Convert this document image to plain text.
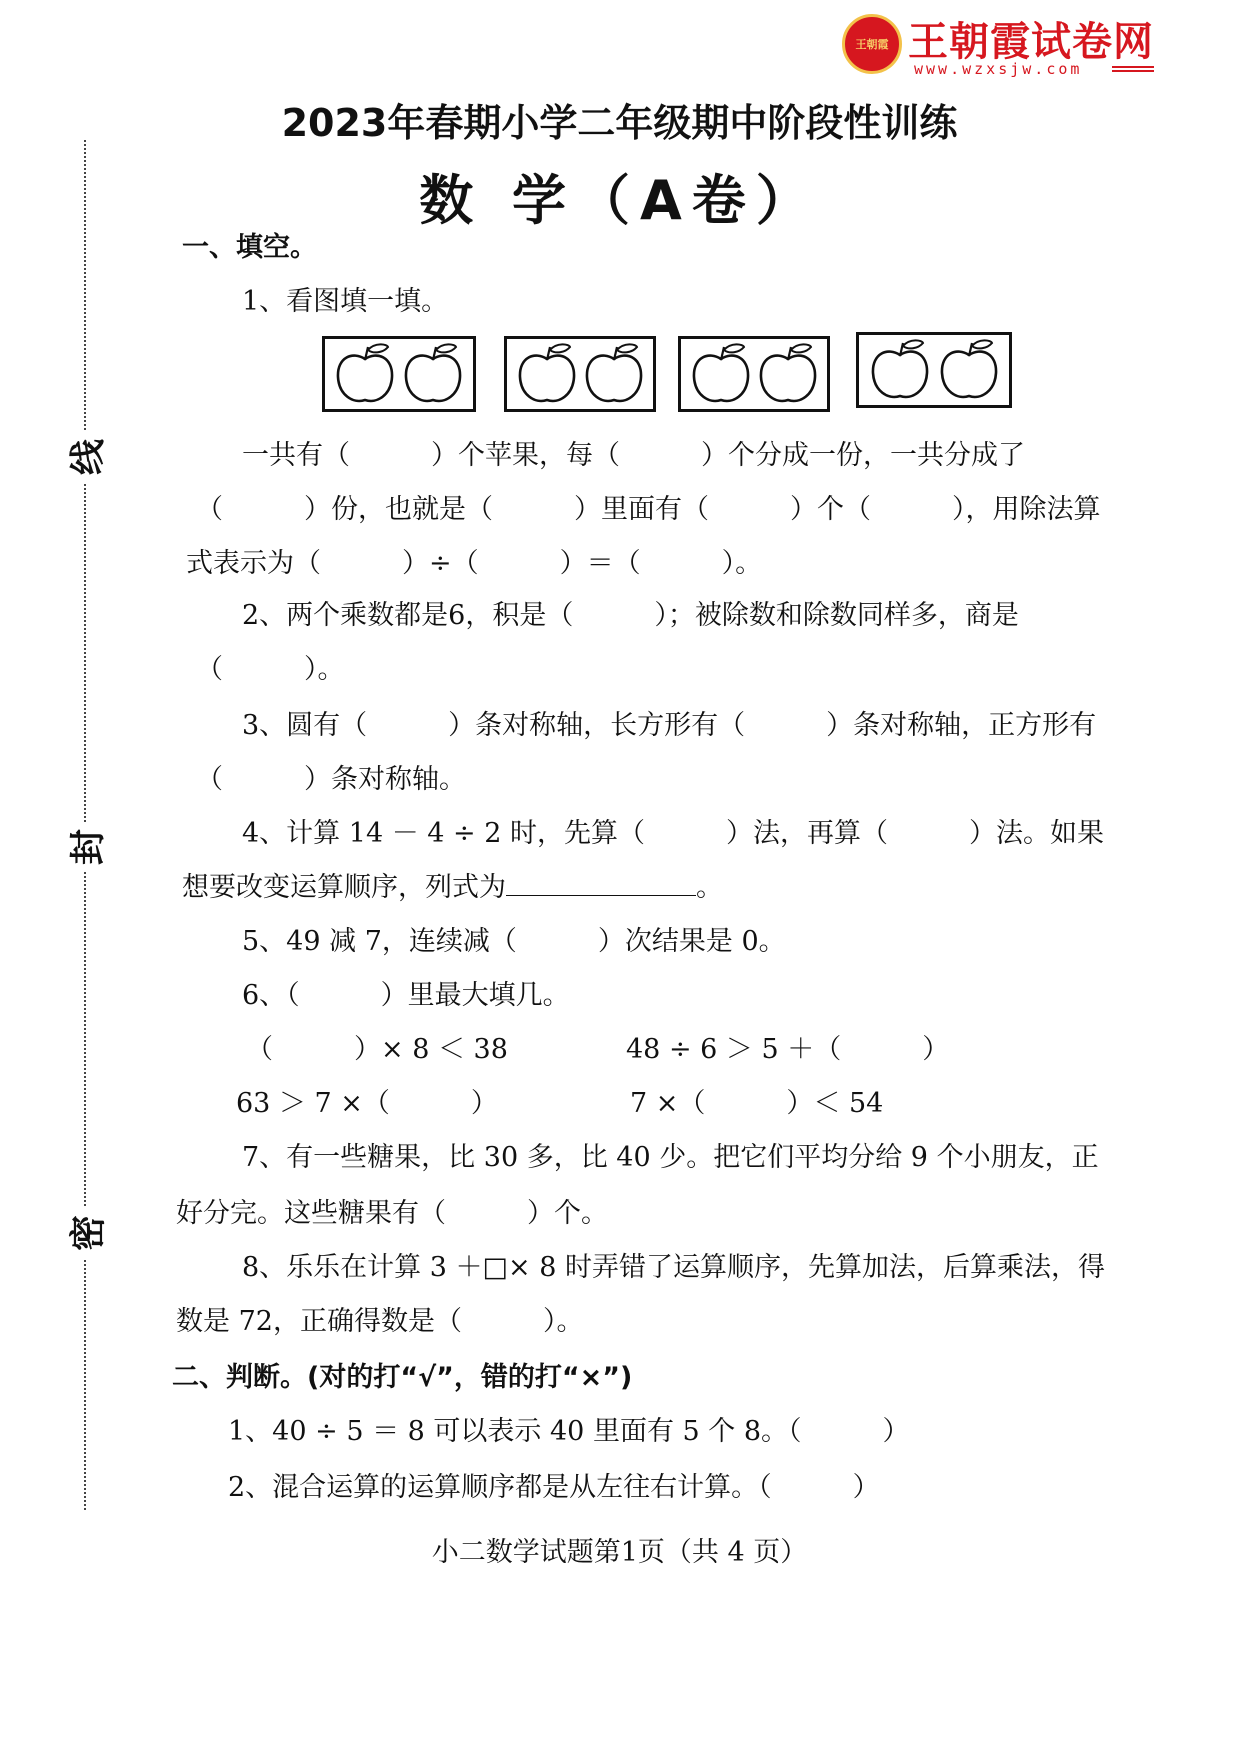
王朝霞 王朝霞试卷网
www.wzxsjw.com
线
封
密
2023年春期小学二年级期中阶段性训练
数 学（A卷）
一、填空。
1、看图填一填。
一共有（　　　）个苹果，每（　　　）个分成一份，一共分成了
（　　　）份，也就是（　　　）里面有（　　　）个（　　　），用除法算
式表示为（　　　）÷（　　　）＝（　　　）。
2、两个乘数都是6，积是（　　　）；被除数和除数同样多，商是
（　　　）。
3、圆有（　　　）条对称轴，长方形有（　　　）条对称轴，正方形有
（　　　）条对称轴。
4、计算 14 － 4 ÷ 2 时，先算（　　　）法，再算（　　　）法。如果
想要改变运算顺序，列式为	。
5、49 减 7，连续减（　　　）次结果是 0。
6、（　　　）里最大填几。
（　　　）× 8 ＜ 38	48 ÷ 6 ＞ 5 ＋（　　　）
63 ＞ 7 ×（　　　）	7 ×（　　　）＜ 54
7、有一些糖果，比 30 多，比 40 少。把它们平均分给 9 个小朋友，正
好分完。这些糖果有（　　　）个。
8、乐乐在计算 3 ＋□× 8 时弄错了运算顺序，先算加法，后算乘法，得
数是 72，正确得数是（　　　）。
二、判断。(对的打“√”，错的打“×”)
1、40 ÷ 5 ＝ 8 可以表示 40 里面有 5 个 8。（　　　）
2、混合运算的运算顺序都是从左往右计算。（　　　）
小二数学试题第1页（共 4 页）
